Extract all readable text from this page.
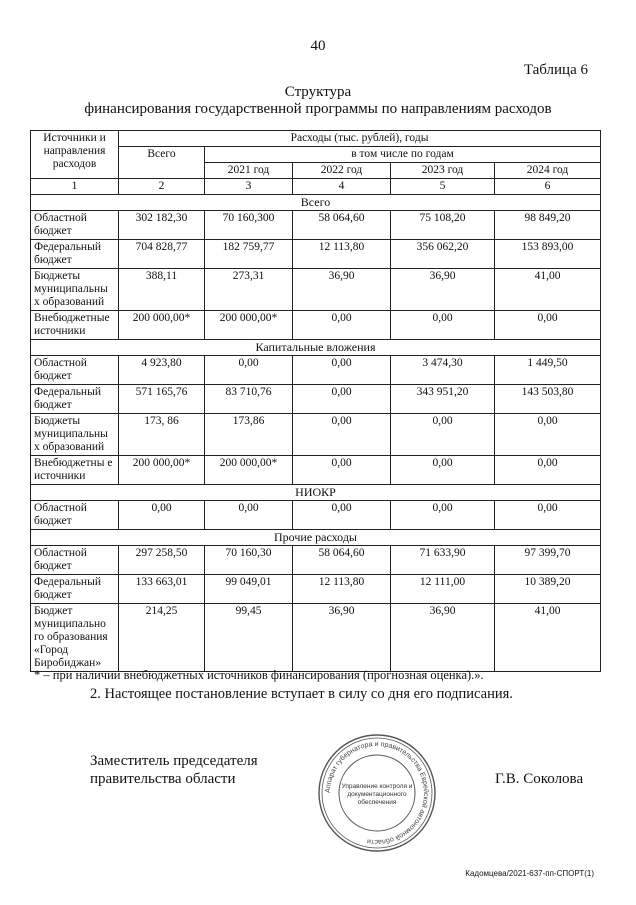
40
Таблица 6
Структура
финансирования государственной программы по направлениям расходов
Источники и направления расходов	Расходы (тыс. рублей), годы				
	Всего	в том числе по годам			
		2021 год	2022 год	2023 год	2024 год
1	2	3	4	5	6
Всего					
Областной бюджет	302 182,30	70 160,300	58 064,60	75 108,20	98 849,20
Федеральный бюджет	704 828,77	182 759,77	12 113,80	356 062,20	153 893,00
Бюджеты муниципальны х образований	388,11	273,31	36,90	36,90	41,00
Внебюджетные источники	200 000,00*	200 000,00*	0,00	0,00	0,00
Капитальные вложения					
Областной бюджет	4 923,80	0,00	0,00	3 474,30	1 449,50
Федеральный бюджет	571 165,76	83 710,76	0,00	343 951,20	143 503,80
Бюджеты муниципальны х образований	173, 86	173,86	0,00	0,00	0,00
Внебюджетны е источники	200 000,00*	200 000,00*	0,00	0,00	0,00
НИОКР					
Областной бюджет	0,00	0,00	0,00	0,00	0,00
Прочие расходы					
Областной бюджет	297 258,50	70 160,30	58 064,60	71 633,90	97 399,70
Федеральный бюджет	133 663,01	99 049,01	12 113,80	12 111,00	10 389,20
Бюджет муниципально го образования «Город Биробиджан»	214,25	99,45	36,90	36,90	41,00
* – при наличии внебюджетных источников финансирования (прогнозная оценка).».
2. Настоящее постановление вступает в силу со дня его подписания.
Заместитель председателя
правительства области	Г.В. Соколова
Аппарат губернатора и правительства Еврейской автономной области
Управление контроля и
документационного
обеспечения
Кадомцева/2021-637-пп-СПОРТ(1)
